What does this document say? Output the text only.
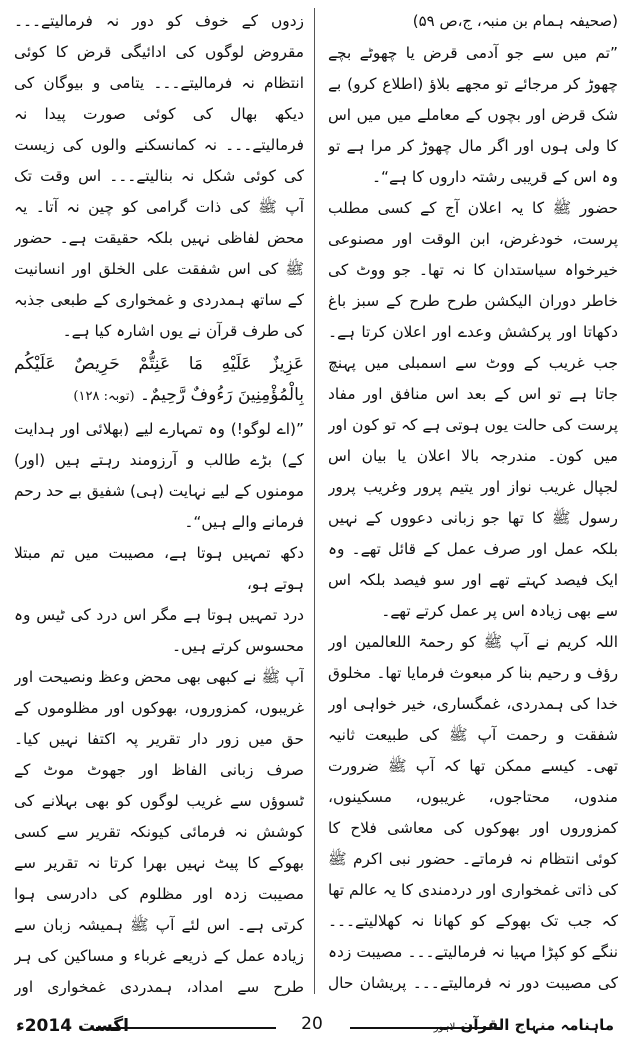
(صحیفہ ہمام بن منبہ، ج،ص ۵۹)

”تم میں سے جو آدمی قرض یا چھوٹے بچے چھوڑ کر مرجائے تو مجھے بلاؤ (اطلاع کرو) بے شک قرض اور بچوں کے معاملے میں میں اس کا ولی ہوں اور اگر مال چھوڑ کر مرا ہے تو وہ اس کے قریبی رشتہ داروں کا ہے“۔

حضور ﷺ کا یہ اعلان آج کے کسی مطلب پرست، خودغرض، ابن الوقت اور مصنوعی خیرخواہ سیاستدان کا نہ تھا۔ جو ووٹ کی خاطر دوران الیکشن طرح طرح کے سبز باغ دکھاتا اور پرکشش وعدے اور اعلان کرتا ہے۔ جب غریب کے ووٹ سے اسمبلی میں پہنچ جاتا ہے تو اس کے بعد اس منافق اور مفاد پرست کی حالت یوں ہوتی ہے کہ تو کون اور میں کون۔ مندرجہ بالا اعلان یا بیان اس لجپال غریب نواز اور یتیم پرور وغریب پرور رسول ﷺ کا تھا جو زبانی دعووں کے نہیں بلکہ عمل اور صرف عمل کے قائل تھے۔ وہ ایک فیصد کہتے تھے اور سو فیصد بلکہ اس سے بھی زیادہ اس پر عمل کرتے تھے۔

اللہ کریم نے آپ ﷺ کو رحمۃ اللعالمین اور رؤف و رحیم بنا کر مبعوث فرمایا تھا۔ مخلوق خدا کی ہمدردی، غمگساری، خیر خواہی اور شفقت و رحمت آپ ﷺ کی طبیعت ثانیہ تھی۔ کیسے ممکن تھا کہ آپ ﷺ ضرورت مندوں، محتاجوں، غریبوں، مسکینوں، کمزوروں اور بھوکوں کی معاشی فلاح کا کوئی انتظام نہ فرماتے۔ حضور نبی اکرم ﷺ کی ذاتی غمخواری اور دردمندی کا یہ عالم تھا کہ جب تک بھوکے کو کھانا نہ کھلالیتے۔۔۔ ننگے کو کپڑا مہیا نہ فرمالیتے۔۔۔ مصیبت زدہ کی مصیبت دور نہ فرمالیتے۔۔۔ پریشان حال

زدوں کے خوف کو دور نہ فرمالیتے۔۔۔ مقروض لوگوں کی ادائیگی قرض کا کوئی انتظام نہ فرمالیتے۔۔۔ یتامی و بیوگان کی دیکھ بھال کی کوئی صورت پیدا نہ فرمالیتے۔۔۔ نہ کمانسکنے والوں کی زیست کی کوئی شکل نہ بنالیتے۔۔۔ اس وقت تک آپ ﷺ کی ذات گرامی کو چین نہ آتا۔ یہ محض لفاظی نہیں بلکہ حقیقت ہے۔ حضور ﷺ کی اس شفقت علی الخلق اور انسانیت کے ساتھ ہمدردی و غمخواری کے طبعی جذبہ کی طرف قرآن نے یوں اشارہ کیا ہے۔

عَزِيزٌ عَلَيْهِ مَا عَنِتُّمْ حَرِيصٌ عَلَيْكُم بِالْمُؤْمِنِينَ رَءُوفٌ رَّحِيمٌ۔ (توبہ: ۱۲۸)

”(اے لوگو!) وہ تمہارے لیے (بھلائی اور ہدایت کے) بڑے طالب و آرزومند رہتے ہیں (اور) مومنوں کے لیے نہایت (ہی) شفیق بے حد رحم فرمانے والے ہیں“۔

دکھ تمہیں ہوتا ہے، مصیبت میں تم مبتلا ہوتے ہو،

درد تمہیں ہوتا ہے مگر اس درد کی ٹیس وہ محسوس کرتے ہیں۔

آپ ﷺ نے کبھی بھی محض وعظ ونصیحت اور غریبوں، کمزوروں، بھوکوں اور مظلوموں کے حق میں زور دار تقریر پہ اکتفا نہیں کیا۔ صرف زبانی الفاظ اور جھوٹ موٹ کے ٹسوؤں سے غریب لوگوں کو بھی بہلانے کی کوشش نہ فرمائی کیونکہ تقریر سے کسی بھوکے کا پیٹ نہیں بھرا کرتا نہ تقریر سے مصیبت زدہ اور مظلوم کی دادرسی ہوا کرتی ہے۔ اس لئے آپ ﷺ ہمیشہ زبان سے زیادہ عمل کے ذریعے غرباء و مساکین کی ہر طرح سے امداد، ہمدردی غمخواری اور

اگست 2014ء	20	ماہنامہ منہاج القرآن لاہور
